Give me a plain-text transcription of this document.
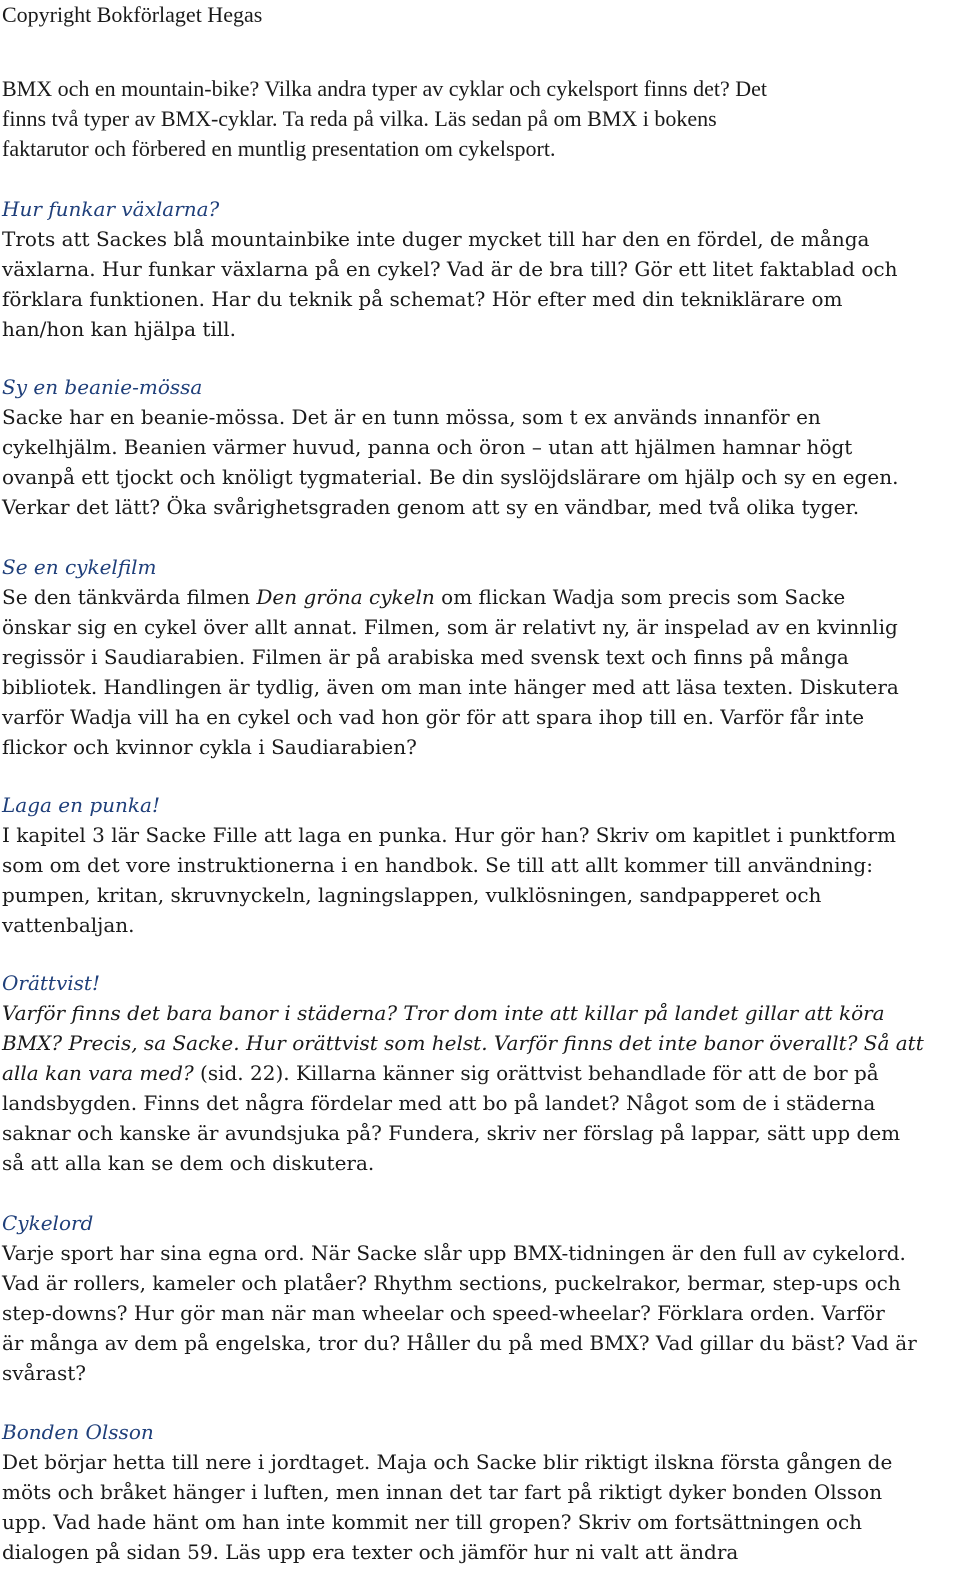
Copyright Bokförlaget Hegas
BMX och en mountain-bike? Vilka andra typer av cyklar och cykelsport finns det? Det
finns två typer av BMX-cyklar. Ta reda på vilka. Läs sedan på om BMX i bokens
faktarutor och förbered en muntlig presentation om cykelsport.
Hur funkar växlarna?
Trots att Sackes blå mountainbike inte duger mycket till har den en fördel, de många
växlarna. Hur funkar växlarna på en cykel? Vad är de bra till? Gör ett litet faktablad och
förklara funktionen. Har du teknik på schemat? Hör efter med din tekniklärare om
han/hon kan hjälpa till.
Sy en beanie-mössa
Sacke har en beanie-mössa. Det är en tunn mössa, som t ex används innanför en
cykelhjälm. Beanien värmer huvud, panna och öron – utan att hjälmen hamnar högt
ovanpå ett tjockt och knöligt tygmaterial. Be din syslöjdslärare om hjälp och sy en egen.
Verkar det lätt? Öka svårighetsgraden genom att sy en vändbar, med två olika tyger.
Se en cykelfilm
Se den tänkvärda filmen Den gröna cykeln om flickan Wadja som precis som Sacke
önskar sig en cykel över allt annat. Filmen, som är relativt ny, är inspelad av en kvinnlig
regissör i Saudiarabien. Filmen är på arabiska med svensk text och finns på många
bibliotek. Handlingen är tydlig, även om man inte hänger med att läsa texten. Diskutera
varför Wadja vill ha en cykel och vad hon gör för att spara ihop till en. Varför får inte
flickor och kvinnor cykla i Saudiarabien?
Laga en punka!
I kapitel 3 lär Sacke Fille att laga en punka. Hur gör han? Skriv om kapitlet i punktform
som om det vore instruktionerna i en handbok. Se till att allt kommer till användning:
pumpen, kritan, skruvnyckeln, lagningslappen, vulklösningen, sandpapperet och
vattenbaljan.
Orättvist!
Varför finns det bara banor i städerna? Tror dom inte att killar på landet gillar att köra
BMX? Precis, sa Sacke. Hur orättvist som helst. Varför finns det inte banor överallt? Så att
alla kan vara med? (sid. 22). Killarna känner sig orättvist behandlade för att de bor på
landsbygden. Finns det några fördelar med att bo på landet? Något som de i städerna
saknar och kanske är avundsjuka på? Fundera, skriv ner förslag på lappar, sätt upp dem
så att alla kan se dem och diskutera.
Cykelord
Varje sport har sina egna ord. När Sacke slår upp BMX-tidningen är den full av cykelord.
Vad är rollers, kameler och platåer? Rhythm sections, puckelrakor, bermar, step-ups och
step-downs? Hur gör man när man wheelar och speed-wheelar? Förklara orden. Varför
är många av dem på engelska, tror du? Håller du på med BMX? Vad gillar du bäst? Vad är
svårast?
Bonden Olsson
Det börjar hetta till nere i jordtaget. Maja och Sacke blir riktigt ilskna första gången de
möts och bråket hänger i luften, men innan det tar fart på riktigt dyker bonden Olsson
upp. Vad hade hänt om han inte kommit ner till gropen? Skriv om fortsättningen och
dialogen på sidan 59. Läs upp era texter och jämför hur ni valt att ändra
